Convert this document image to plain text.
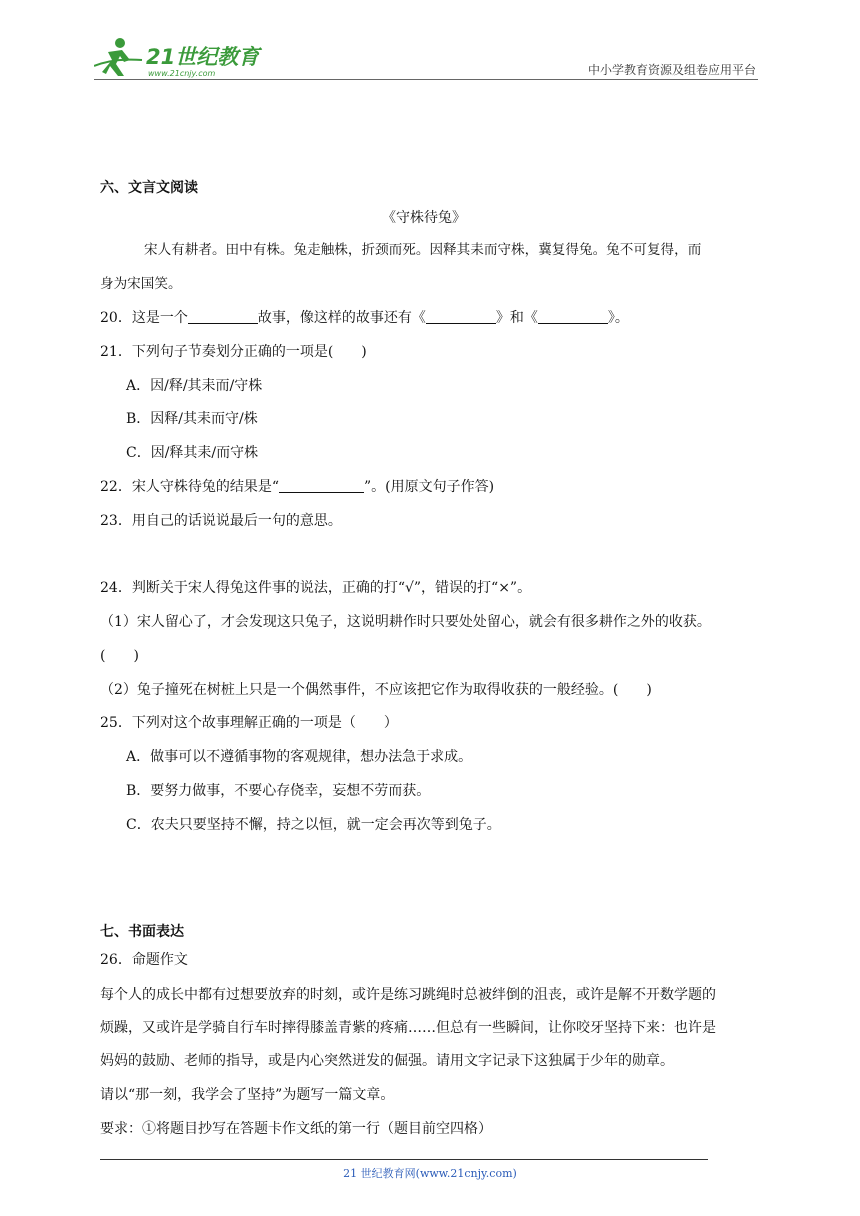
21世纪教育
www.21cnjy.com	中小学教育资源及组卷应用平台
六、文言文阅读
《守株待兔》
宋人有耕者。田中有株。兔走触株，折颈而死。因释其耒而守株，冀复得兔。兔不可复得，而
身为宋国笑。
20．这是一个	故事，像这样的故事还有《	》和《	》。
21．下列句子节奏划分正确的一项是(　　)
A．因/释/其耒而/守株
B．因释/其耒而守/株
C．因/释其耒/而守株
22．宋人守株待兔的结果是“	”。(用原文句子作答)
23．用自己的话说说最后一句的意思。
24．判断关于宋人得兔这件事的说法，正确的打“√”，错误的打“×”。
（1）宋人留心了，才会发现这只兔子，这说明耕作时只要处处留心，就会有很多耕作之外的收获。
(　　)
（2）兔子撞死在树桩上只是一个偶然事件，不应该把它作为取得收获的一般经验。(　　)
25．下列对这个故事理解正确的一项是（　　）
A．做事可以不遵循事物的客观规律，想办法急于求成。
B．要努力做事，不要心存侥幸，妄想不劳而获。
C．农夫只要坚持不懈，持之以恒，就一定会再次等到兔子。
七、书面表达
26．命题作文
每个人的成长中都有过想要放弃的时刻，或许是练习跳绳时总被绊倒的沮丧，或许是解不开数学题的
烦躁，又或许是学骑自行车时摔得膝盖青紫的疼痛……但总有一些瞬间，让你咬牙坚持下来：也许是
妈妈的鼓励、老师的指导，或是内心突然迸发的倔强。请用文字记录下这独属于少年的勋章。
请以“那一刻，我学会了坚持”为题写一篇文章。
要求：①将题目抄写在答题卡作文纸的第一行（题目前空四格）
21 世纪教育网(www.21cnjy.com)
